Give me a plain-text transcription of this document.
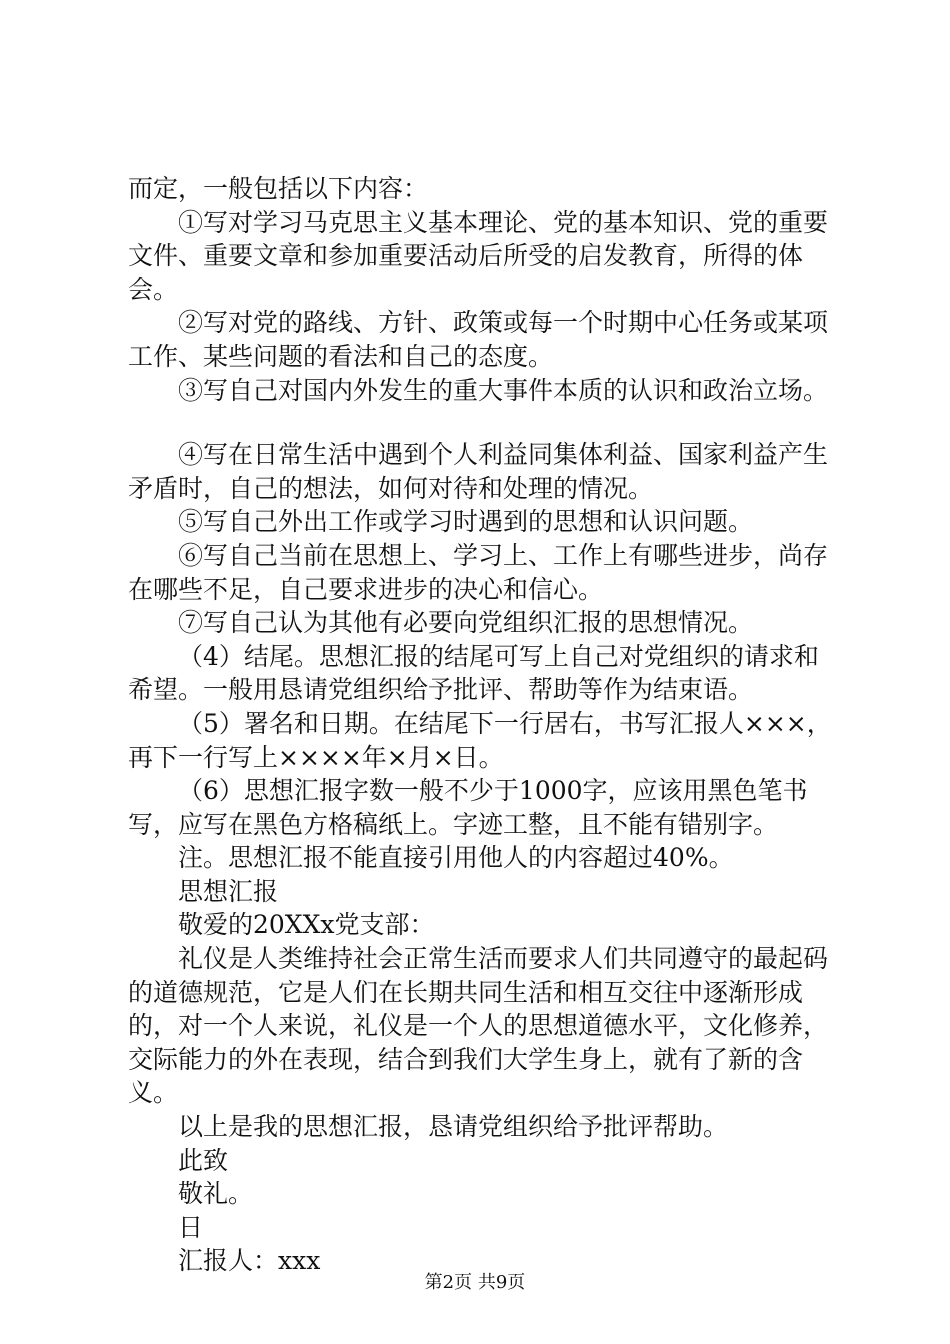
而定，一般包括以下内容：

①写对学习马克思主义基本理论、党的基本知识、党的重要文件、重要文章和参加重要活动后所受的启发教育，所得的体会。

②写对党的路线、方针、政策或每一个时期中心任务或某项工作、某些问题的看法和自己的态度。

③写自己对国内外发生的重大事件本质的认识和政治立场。

④写在日常生活中遇到个人利益同集体利益、国家利益产生矛盾时，自己的想法，如何对待和处理的情况。

⑤写自己外出工作或学习时遇到的思想和认识问题。

⑥写自己当前在思想上、学习上、工作上有哪些进步，尚存在哪些不足，自己要求进步的决心和信心。

⑦写自己认为其他有必要向党组织汇报的思想情况。

（4）结尾。思想汇报的结尾可写上自己对党组织的请求和希望。一般用恳请党组织给予批评、帮助等作为结束语。

（5）署名和日期。在结尾下一行居右，书写汇报人×××，再下一行写上××××年×月×日。

（6）思想汇报字数一般不少于1000字，应该用黑色笔书写，应写在黑色方格稿纸上。字迹工整，且不能有错别字。

注。思想汇报不能直接引用他人的内容超过40%。

思想汇报

敬爱的20XXx党支部：

礼仪是人类维持社会正常生活而要求人们共同遵守的最起码的道德规范，它是人们在长期共同生活和相互交往中逐渐形成的，对一个人来说，礼仪是一个人的思想道德水平，文化修养，交际能力的外在表现，结合到我们大学生身上，就有了新的含义。

以上是我的思想汇报，恳请党组织给予批评帮助。

此致

敬礼。

日

汇报人：xxx

第2页 共9页
